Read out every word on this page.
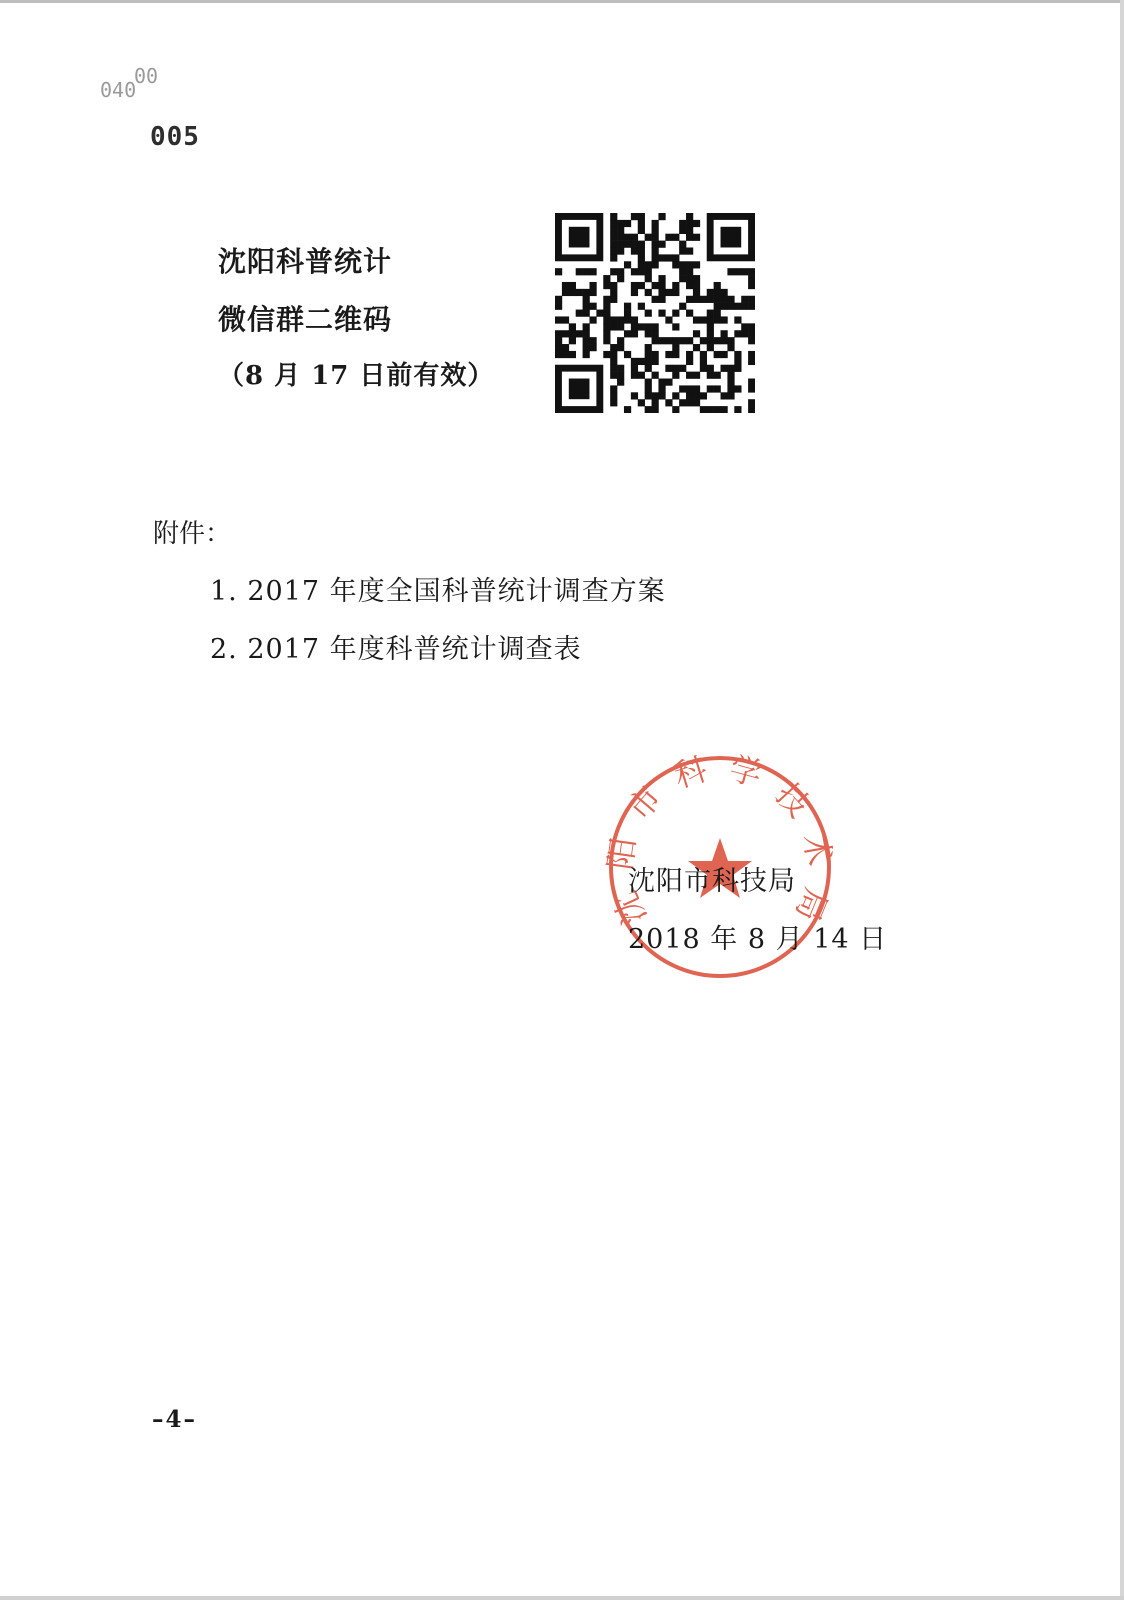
040
00
005
沈阳科普统计
微信群二维码
（8 月 17 日前有效）
附件：
1. 2017 年度全国科普统计调查方案
2. 2017 年度科普统计调查表
沈阳市科学技术局
沈阳市科技局
2018 年 8 月 14 日
–4–
